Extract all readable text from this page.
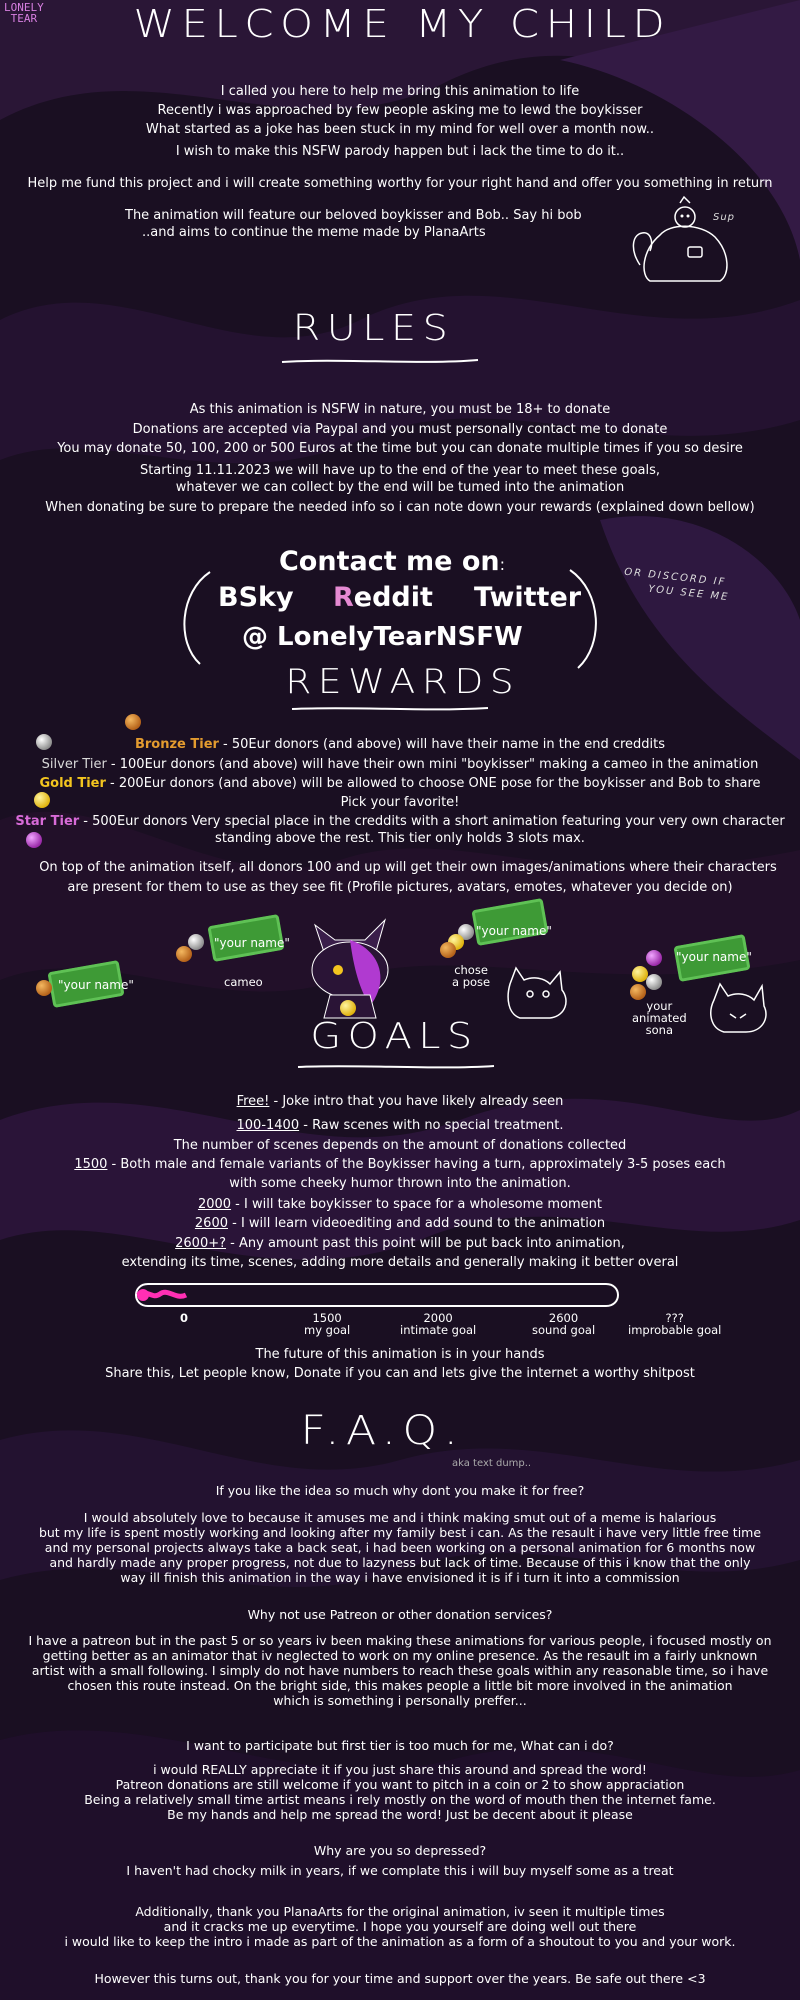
LONELY
TEAR	WELCOME MY CHILD
I called you here to help me bring this animation to life
Recently i was approached by few people asking me to lewd the boykisser
What started as a joke has been stuck in my mind for well over a month now..
I wish to make this NSFW parody happen but i lack the time to do it..
Help me fund this project and i will create something worthy for your right hand and offer you something in return
The animation will feature our beloved boykisser and Bob.. Say hi bob
..and aims to continue the meme made by PlanaArts
Sup
RULES
As this animation is NSFW in nature, you must be 18+ to donate
Donations are accepted via Paypal and you must personally contact me to donate
You may donate 50, 100, 200 or 500 Euros at the time but you can donate multiple times if you so desire
Starting 11.11.2023 we will have up to the end of the year to meet these goals,
whatever we can collect by the end will be tumed into the animation
When donating be sure to prepare the needed info so i can note down your rewards (explained down bellow)
Contact me on:
BSky Reddit Twitter
@ LonelyTearNSFW
OR DISCORD IF
YOU SEE ME
REWARDS
Bronze Tier - 50Eur donors (and above) will have their name in the end creddits
Silver Tier - 100Eur donors (and above) will have their own mini "boykisser" making a cameo in the animation
Gold Tier - 200Eur donors (and above) will be allowed to choose ONE pose for the boykisser and Bob to share
Pick your favorite!
Star Tier - 500Eur donors Very special place in the creddits with a short animation featuring your very own character
standing above the rest. This tier only holds 3 slots max.
On top of the animation itself, all donors 100 and up will get their own images/animations where their characters
are present for them to use as they see fit (Profile pictures, avatars, emotes, whatever you decide on)
"your name"
"your name"
cameo
"your name"
chose
a pose
"your name"
your
animated
sona
GOALS
Free! - Joke intro that you have likely already seen
100-1400 - Raw scenes with no special treatment.
The number of scenes depends on the amount of donations collected
1500 - Both male and female variants of the Boykisser having a turn, approximately 3-5 poses each
with some cheeky humor thrown into the animation.
2000 - I will take boykisser to space for a wholesome moment
2600 - I will learn videoediting and add sound to the animation
2600+? - Any amount past this point will be put back into animation,
extending its time, scenes, adding more details and generally making it better overal
0	1500
my goal
2000
intimate goal
2600
sound goal
???
improbable goal
The future of this animation is in your hands
Share this, Let people know, Donate if you can and lets give the internet a worthy shitpost
F.A.Q.
aka text dump..
If you like the idea so much why dont you make it for free?
I would absolutely love to because it amuses me and i think making smut out of a meme is halarious
but my life is spent mostly working and looking after my family best i can. As the resault i have very little free time
and my personal projects always take a back seat, i had been working on a personal animation for 6 months now
and hardly made any proper progress, not due to lazyness but lack of time. Because of this i know that the only
way ill finish this animation in the way i have envisioned it is if i turn it into a commission
Why not use Patreon or other donation services?
I have a patreon but in the past 5 or so years iv been making these animations for various people, i focused mostly on
getting better as an animator that iv neglected to work on my online presence. As the resault im a fairly unknown
artist with a small following. I simply do not have numbers to reach these goals within any reasonable time, so i have
chosen this route instead. On the bright side, this makes people a little bit more involved in the animation
which is something i personally preffer...
I want to participate but first tier is too much for me, What can i do?
i would REALLY appreciate it if you just share this around and spread the word!
Patreon donations are still welcome if you want to pitch in a coin or 2 to show appraciation
Being a relatively small time artist means i rely mostly on the word of mouth then the internet fame.
Be my hands and help me spread the word! Just be decent about it please
Why are you so depressed?
I haven't had chocky milk in years, if we complate this i will buy myself some as a treat
Additionally, thank you PlanaArts for the original animation, iv seen it multiple times
and it cracks me up everytime. I hope you yourself are doing well out there
i would like to keep the intro i made as part of the animation as a form of a shoutout to you and your work.
However this turns out, thank you for your time and support over the years. Be safe out there <3
